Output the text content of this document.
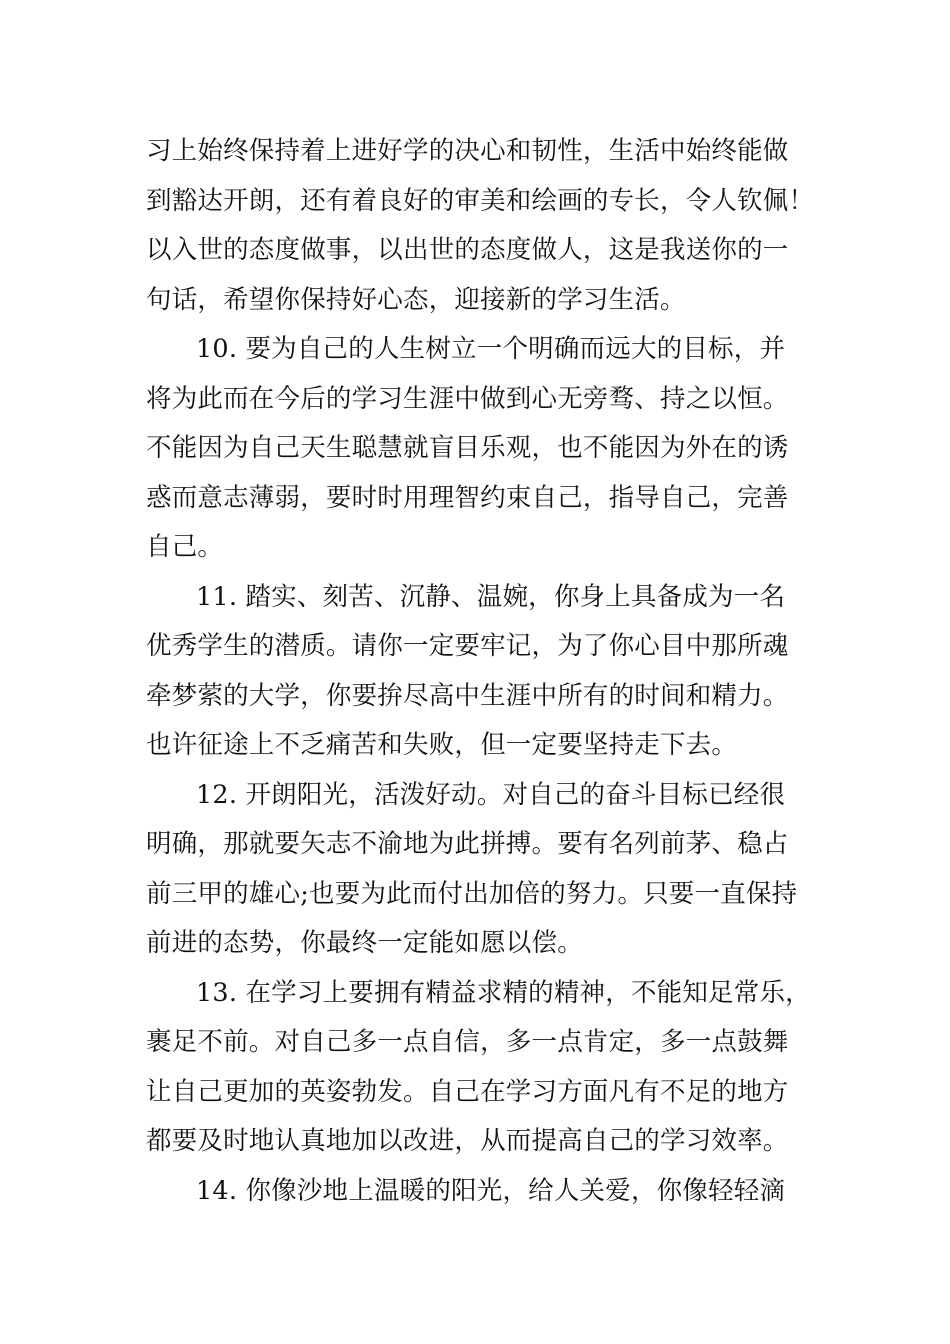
习上始终保持着上进好学的决心和韧性，生活中始终能做
到豁达开朗，还有着良好的审美和绘画的专长，令人钦佩！
以入世的态度做事，以出世的态度做人，这是我送你的一
句话，希望你保持好心态，迎接新的学习生活。
10. 要为自己的人生树立一个明确而远大的目标，并
将为此而在今后的学习生涯中做到心无旁骛、持之以恒。
不能因为自己天生聪慧就盲目乐观，也不能因为外在的诱
惑而意志薄弱，要时时用理智约束自己，指导自己，完善
自己。
11. 踏实、刻苦、沉静、温婉，你身上具备成为一名
优秀学生的潜质。请你一定要牢记，为了你心目中那所魂
牵梦萦的大学，你要拚尽高中生涯中所有的时间和精力。
也许征途上不乏痛苦和失败，但一定要坚持走下去。
12. 开朗阳光，活泼好动。对自己的奋斗目标已经很
明确，那就要矢志不渝地为此拼搏。要有名列前茅、稳占
前三甲的雄心;也要为此而付出加倍的努力。只要一直保持
前进的态势，你最终一定能如愿以偿。
13. 在学习上要拥有精益求精的精神，不能知足常乐，
裹足不前。对自己多一点自信，多一点肯定，多一点鼓舞
让自己更加的英姿勃发。自己在学习方面凡有不足的地方
都要及时地认真地加以改进，从而提高自己的学习效率。
14. 你像沙地上温暖的阳光，给人关爱，你像轻轻滴
